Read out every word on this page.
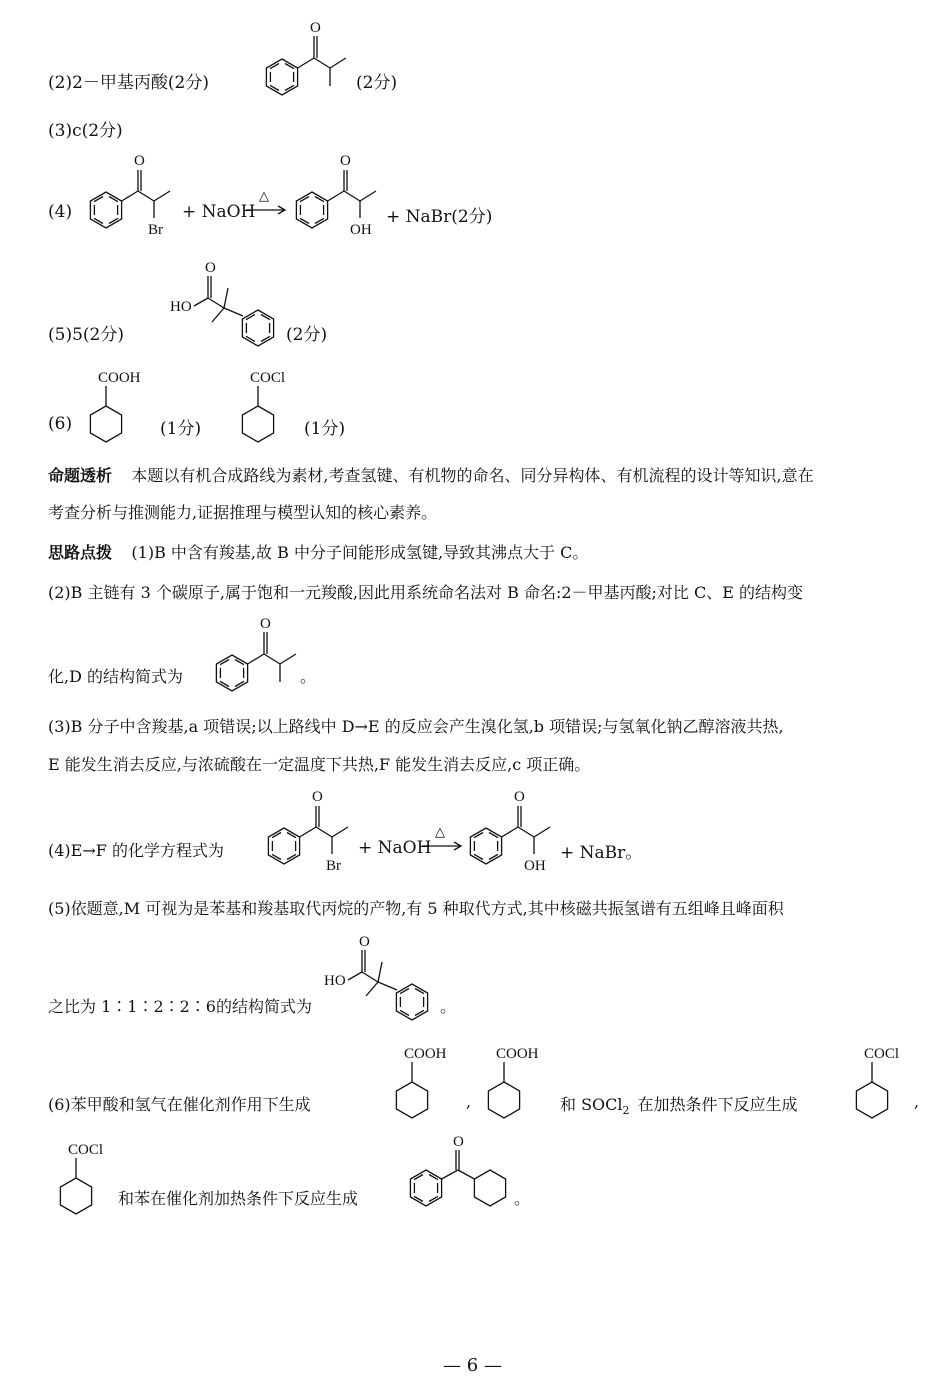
(2)2－甲基丙酸(2分)
O
(2分)
(3)c(2分)
(4)
O
Br
+ NaOH
△
O
OH
+ NaBr(2分)
(5)5(2分)
HO
O
(2分)
(6)
COOH
(1分)
COCl
(1分)
命题透析 本题以有机合成路线为素材,考查氢键、有机物的命名、同分异构体、有机流程的设计等知识,意在
考查分析与推测能力,证据推理与模型认知的核心素养。
思路点拨 (1)B 中含有羧基,故 B 中分子间能形成氢键,导致其沸点大于 C。
(2)B 主链有 3 个碳原子,属于饱和一元羧酸,因此用系统命名法对 B 命名:2－甲基丙酸;对比 C、E 的结构变
化,D 的结构简式为
O
。
(3)B 分子中含羧基,a 项错误;以上路线中 D→E 的反应会产生溴化氢,b 项错误;与氢氧化钠乙醇溶液共热,
E 能发生消去反应,与浓硫酸在一定温度下共热,F 能发生消去反应,c 项正确。
(4)E→F 的化学方程式为
O
Br
+ NaOH
△
O
OH
+ NaBr。
(5)依题意,M 可视为是苯基和羧基取代丙烷的产物,有 5 种取代方式,其中核磁共振氢谱有五组峰且峰面积
之比为 1∶1∶2∶2∶6的结构简式为
HO
O
。
(6)苯甲酸和氢气在催化剂作用下生成
COOH
,
COOH
和 SOCl$_2$ 在加热条件下反应生成
COCl
,
COCl
和苯在催化剂加热条件下反应生成
O
。
— 6 —
